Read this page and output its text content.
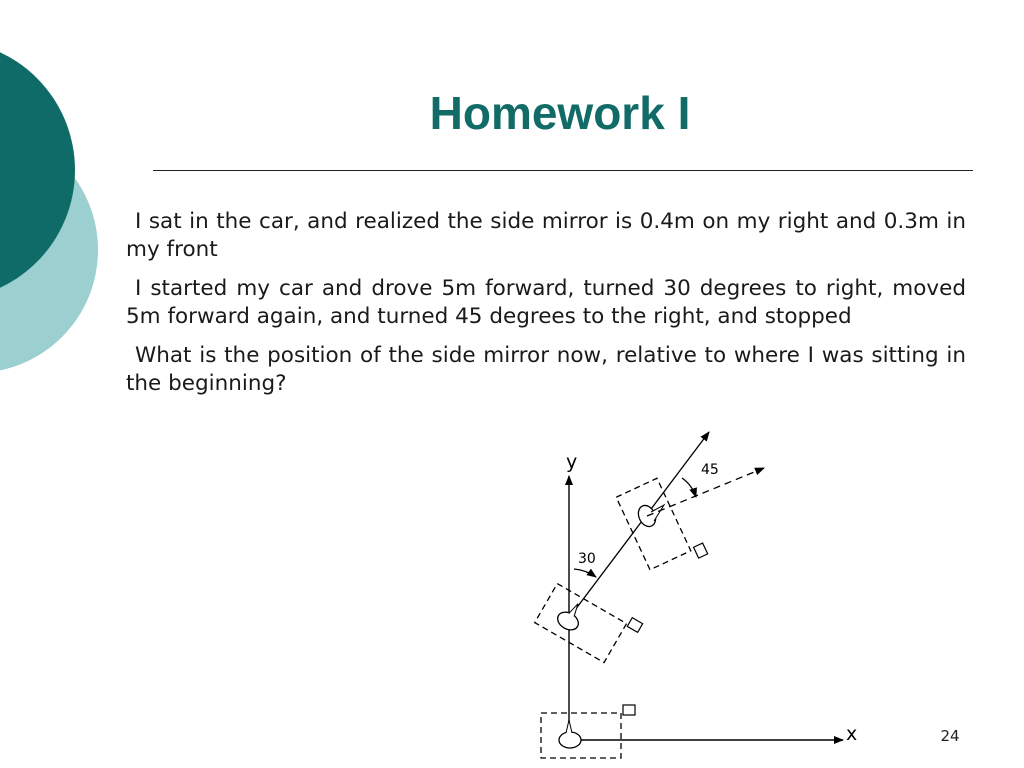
Homework I

I sat in the car, and realized the side mirror is 0.4m on my right and 0.3m in my front

I started my car and drove 5m forward, turned 30 degrees to right, moved 5m forward again, and turned 45 degrees to the right, and stopped

What is the position of the side mirror now, relative to where I was sitting in the beginning?

y
x
30
45
24
